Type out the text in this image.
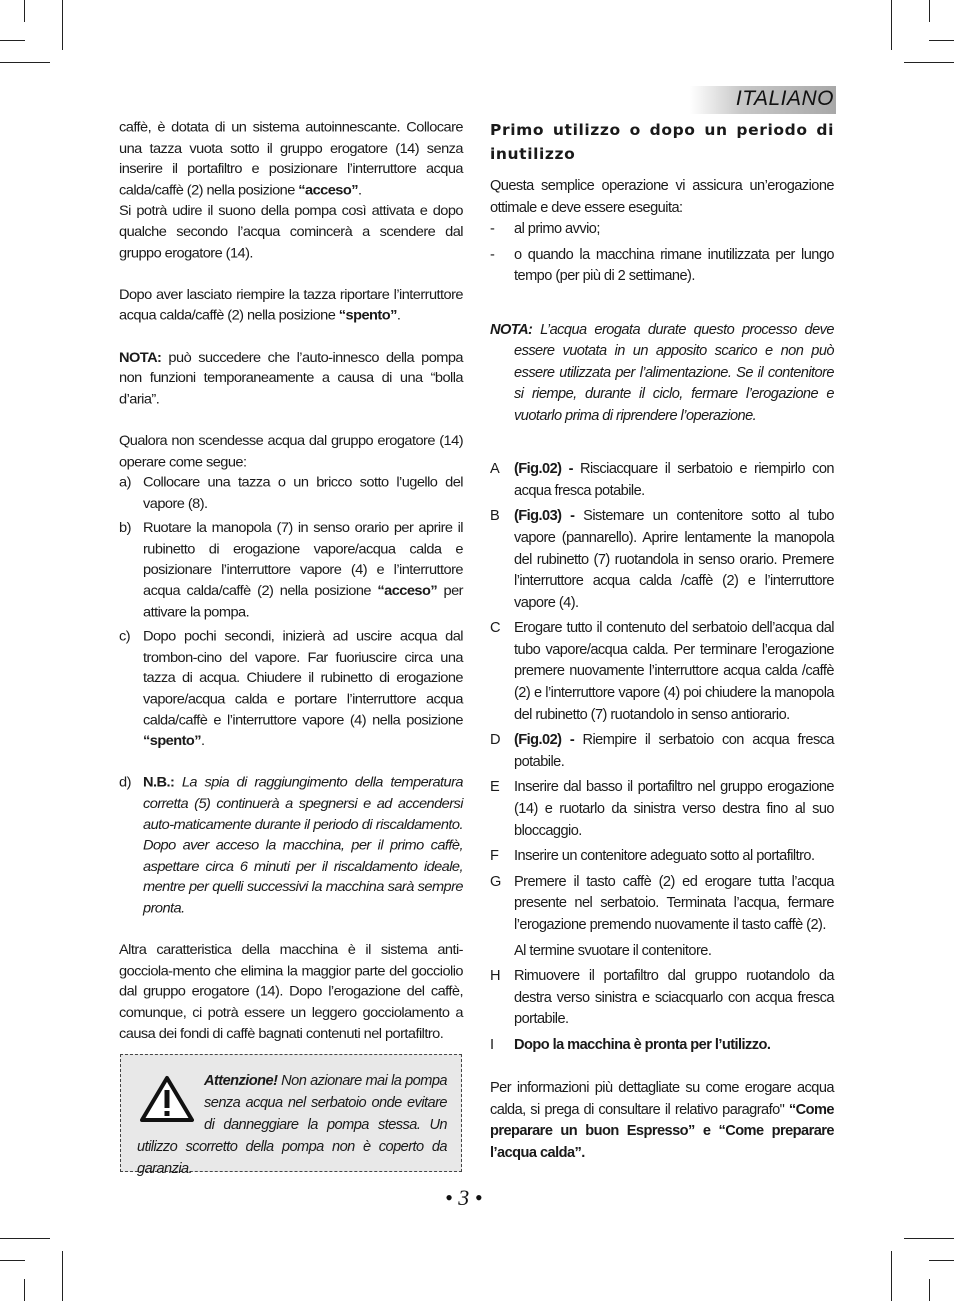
ITALIANO

caffè, è dotata di un sistema autoinnescante. Collocare una tazza vuota sotto il gruppo erogatore (14) senza inserire il portafiltro e posizionare l’interruttore acqua calda/caffè (2) nella posizione “acceso”.

Si potrà udire il suono della pompa così attivata e dopo qualche secondo l’acqua comincerà a scendere dal gruppo erogatore (14).

Dopo aver lasciato riempire la tazza riportare l’interruttore acqua calda/caffè (2) nella posizione “spento”.

NOTA: può succedere che l’auto-innesco della pompa non funzioni temporaneamente a causa di una “bolla d’aria”.

Qualora non scendesse acqua dal gruppo erogatore (14) operare come segue:

a) Collocare una tazza o un bricco sotto l’ugello del vapore (8).
b) Ruotare la manopola (7) in senso orario per aprire il rubinetto di erogazione vapore/acqua calda e posizionare l’interruttore vapore (4) e l’interruttore acqua calda/caffè (2) nella posizione “acceso” per attivare la pompa.
c) Dopo pochi secondi, inizierà ad uscire acqua dal trombon-cino del vapore. Far fuoriuscire circa una tazza di acqua. Chiudere il rubinetto di erogazione vapore/acqua calda e portare l’interruttore acqua calda/caffè e l’interruttore vapore (4) nella posizione “spento”.
d) N.B.: La spia di raggiungimento della temperatura corretta (5) continuerà a spegnersi e ad accendersi auto-maticamente durante il periodo di riscaldamento. Dopo aver acceso la macchina, per il primo caffè, aspettare circa 6 minuti per il riscaldamento ideale, mentre per quelli successivi la macchina sarà sempre pronta.

Altra caratteristica della macchina è il sistema anti-gocciola-mento che elimina la maggior parte del gocciolio dal gruppo erogatore (14). Dopo l’erogazione del caffè, comunque, ci potrà essere un leggero gocciolamento a causa dei fondi di caffè bagnati contenuti nel portafiltro.

Attenzione! Non azionare mai la pompa senza acqua nel serbatoio onde evitare di danneggiare la pompa stessa. Un utilizzo scorretto della pompa non è coperto da garanzia.
Primo utilizzo o dopo un periodo di inutilizzo

Questa semplice operazione vi assicura un’erogazione ottimale e deve essere eseguita:

-	al primo avvio;
-	o quando la macchina rimane inutilizzata per lungo tempo (per più di 2 settimane).
NOTA: L’acqua erogata durate questo processo deve essere vuotata in un apposito scarico e non può essere utilizzata per l’alimentazione. Se il contenitore si riempe, durante il ciclo, fermare l’erogazione e vuotarlo prima di riprendere l’operazione.
A	(Fig.02) - Risciacquare il serbatoio e riempirlo con acqua fresca potabile.
B	(Fig.03) - Sistemare un contenitore sotto al tubo vapore (pannarello). Aprire lentamente la manopola del rubinetto (7) ruotandola in senso orario. Premere l’interruttore acqua calda /caffè (2) e l’interruttore vapore (4).
C Erogare tutto il contenuto del serbatoio dell’acqua dal tubo vapore/acqua calda. Per terminare l’erogazione premere nuovamente l’interruttore acqua calda /caffè (2) e l’interruttore vapore (4) poi chiudere la manopola del rubinetto (7) ruotandolo in senso antiorario.
D (Fig.02) - Riempire il serbatoio con acqua fresca potabile.
E	Inserire dal basso il portafiltro nel gruppo erogazione (14) e ruotarlo da sinistra verso destra fino al suo bloccaggio.
F	Inserire un contenitore adeguato sotto al portafiltro.
G Premere il tasto caffè (2) ed erogare tutta l’acqua presente nel serbatoio. Terminata l’acqua, fermare l’erogazione premendo nuovamente il tasto caffè (2).
Al termine svuotare il contenitore.
H Rimuovere il portafiltro dal gruppo ruotandolo da destra verso sinistra e sciacquarlo con acqua fresca portabile.
I	Dopo la macchina è pronta per l’utilizzo.

Per informazioni più dettagliate su come erogare acqua calda, si prega di consultare il relativo paragrafo" “Come preparare un buon Espresso” e “Come preparare l’acqua calda”.

• 3 •
